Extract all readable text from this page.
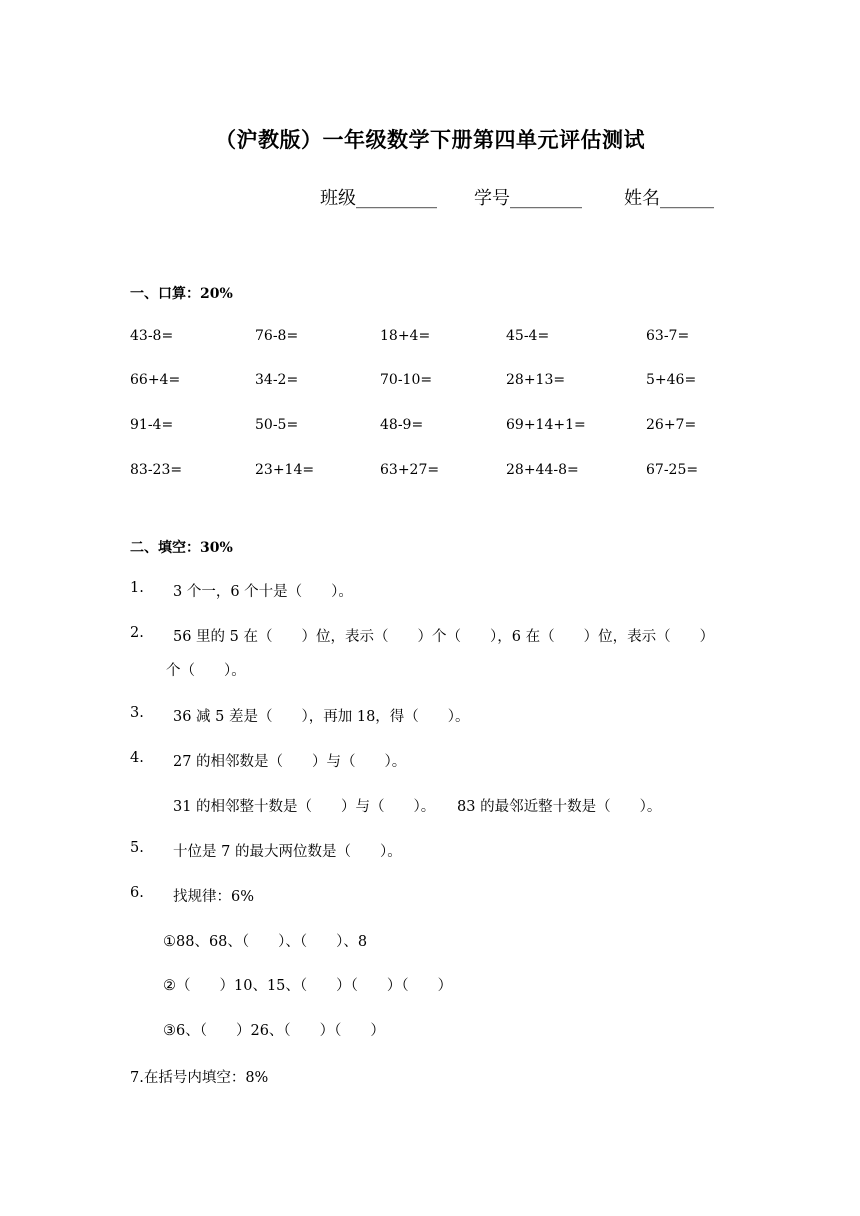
（沪教版）一年级数学下册第四单元评估测试
班级_________ 学号________ 姓名______
一、口算：20%
43-8=	76-8=	18+4=	45-4=	63-7=
66+4=	34-2=	70-10=	28+13=	5+46=
91-4=	50-5=	48-9=	69+14+1=	26+7=
83-23=	23+14=	63+27=	28+44-8=	67-25=
二、填空：30%
1. 3 个一，6 个十是（　　）。
2. 56 里的 5 在（　　）位，表示（　　）个（　　），6 在（　　）位，表示（　　）
个（　　）。
3. 36 减 5 差是（　　），再加 18，得（　　）。
4. 27 的相邻数是（　　）与（　　）。
31 的相邻整十数是（　　）与（　　）。　　83 的最邻近整十数是（　　）。
5. 十位是 7 的最大两位数是（　　）。
6. 找规律：6%
①88、68、（　　）、（　　）、8
②（　　）10、15、（　　）（　　）（　　）
③6、（　　）26、（　　）（　　）
7.在括号内填空：8%
